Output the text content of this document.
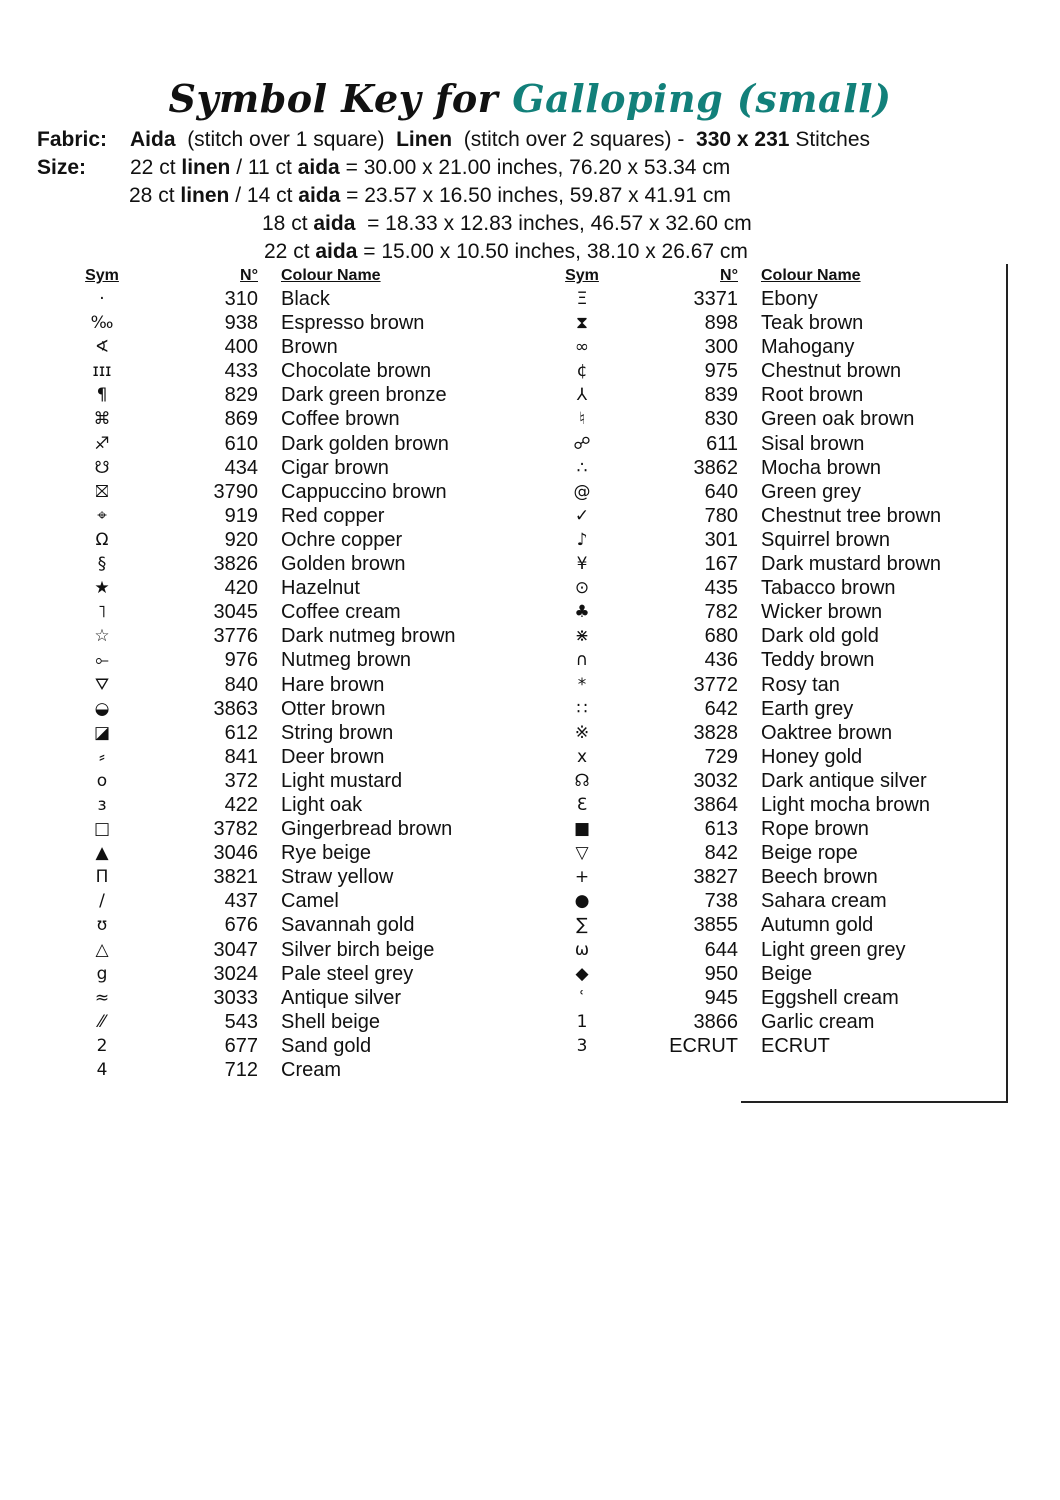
Symbol Key for Galloping (small)
Fabric: Aida (stitch over 1 square) Linen (stitch over 2 squares) - 330 x 231 Stitches
Size: 22 ct linen / 11 ct aida = 30.00 x 21.00 inches, 76.20 x 53.34 cm
28 ct linen / 14 ct aida = 23.57 x 16.50 inches, 59.87 x 41.91 cm
18 ct aida  = 18.33 x 12.83 inches, 46.57 x 32.60 cm
22 ct aida = 15.00 x 10.50 inches, 38.10 x 26.67 cm
Sym	N° Colour Name
·	310 Black
‰	938 Espresso brown
∢	400 Brown
ɪɪɪ	433 Chocolate brown
¶	829 Dark green bronze
⌘	869 Coffee brown
♐	610 Dark golden brown
☋	434 Cigar brown
⛝	3790 Cappuccino brown
⌖	919 Red copper
Ω	920 Ochre copper
§	3826 Golden brown
★	420 Hazelnut
˥	3045 Coffee cream
☆	3776 Dark nutmeg brown
⟜	976 Nutmeg brown
⛛	840 Hare brown
◒	3863 Otter brown
◪	612 String brown
⸗	841 Deer brown
o	372 Light mustard
ɜ	422 Light oak
□	3782 Gingerbread brown
▲	3046 Rye beige
Π	3821 Straw yellow
/	437 Camel
ʊ	676 Savannah gold
△	3047 Silver birch beige
g	3024 Pale steel grey
≈	3033 Antique silver
⁄⁄	543 Shell beige
2	677 Sand gold
4	712 Cream
Sym	N° Colour Name
Ξ	3371 Ebony
⧗	898 Teak brown
∞	300 Mahogany
¢	975 Chestnut brown
⅄	839 Root brown
♮	830 Green oak brown
☍	611 Sisal brown
∴	3862 Mocha brown
@	640 Green grey
✓	780 Chestnut tree brown
♪	301 Squirrel brown
¥	167 Dark mustard brown
⊙	435 Tabacco brown
♣	782 Wicker brown
⋇	680 Dark old gold
∩	436 Teddy brown
*	3772 Rosy tan
∷	642 Earth grey
※	3828 Oaktree brown
x	729 Honey gold
☊	3032 Dark antique silver
Ɛ	3864 Light mocha brown
■	613 Rope brown
▽	842 Beige rope
+	3827 Beech brown
●	738 Sahara cream
∑	3855 Autumn gold
ω	644 Light green grey
◆	950 Beige
ʿ	945 Eggshell cream
1	3866 Garlic cream
3	ECRUT ECRUT
